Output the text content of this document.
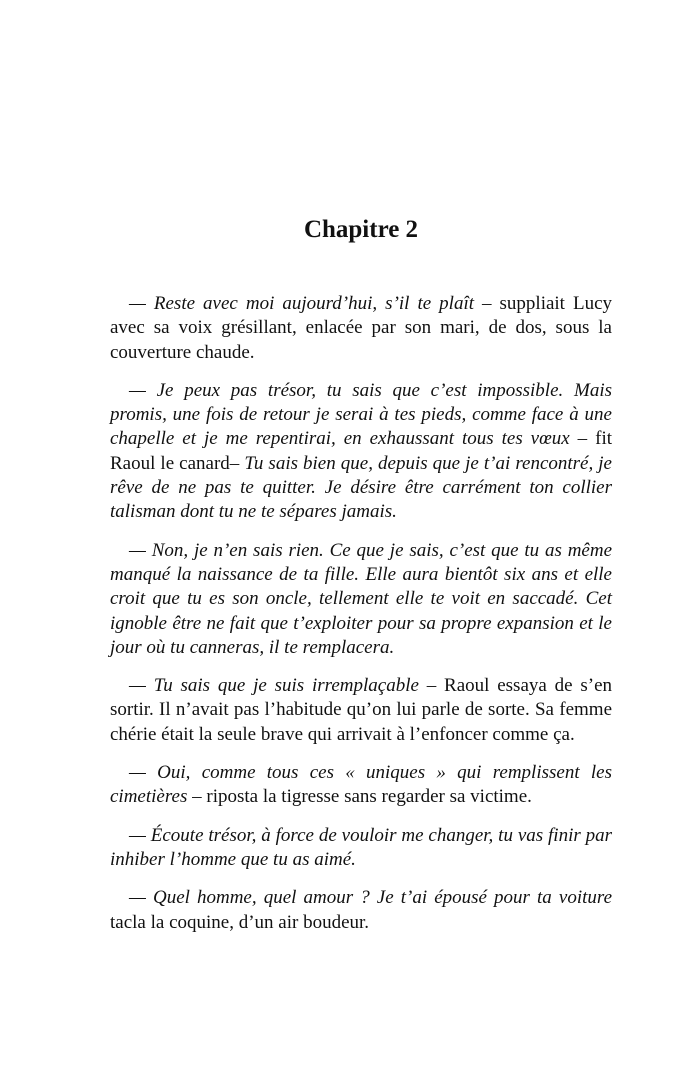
Chapitre 2

— Reste avec moi aujourd’hui, s’il te plaît – suppliait Lucy avec sa voix grésillant, enlacée par son mari, de dos, sous la couverture chaude.

— Je peux pas trésor, tu sais que c’est impossible. Mais promis, une fois de retour je serai à tes pieds, comme face à une chapelle et je me repentirai, en exhaussant tous tes vœux – fit Raoul le canard– Tu sais bien que, depuis que je t’ai rencontré, je rêve de ne pas te quitter. Je désire être carrément ton collier talisman dont tu ne te sépares jamais.

— Non, je n’en sais rien. Ce que je sais, c’est que tu as même manqué la naissance de ta fille. Elle aura bientôt six ans et elle croit que tu es son oncle, tellement elle te voit en saccadé. Cet ignoble être ne fait que t’exploiter pour sa propre expansion et le jour où tu canneras, il te remplacera.

— Tu sais que je suis irremplaçable – Raoul essaya de s’en sortir. Il n’avait pas l’habitude qu’on lui parle de sorte. Sa femme chérie était la seule brave qui arrivait à l’enfoncer comme ça.

— Oui, comme tous ces « uniques » qui remplissent les cimetières – riposta la tigresse sans regarder sa victime.

— Écoute trésor, à force de vouloir me changer, tu vas finir par inhiber l’homme que tu as aimé.

— Quel homme, quel amour ? Je t’ai épousé pour ta voiture tacla la coquine, d’un air boudeur.
